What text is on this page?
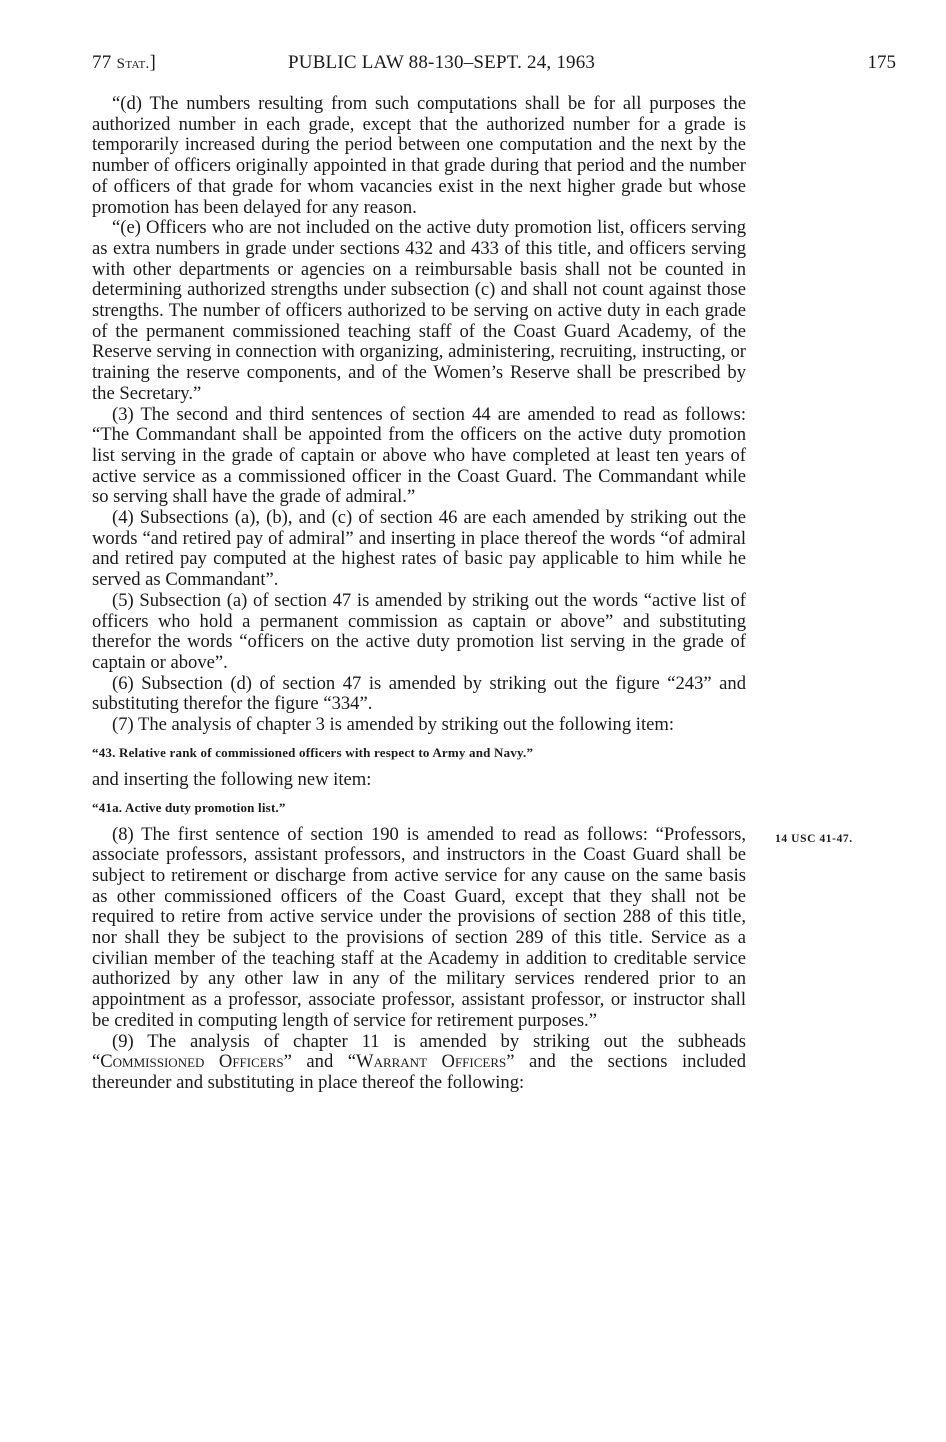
77 Stat.]	PUBLIC LAW 88-130–SEPT. 24, 1963	175

“(d) The numbers resulting from such computations shall be for all purposes the authorized number in each grade, except that the authorized number for a grade is temporarily increased during the period between one computation and the next by the number of officers originally appointed in that grade during that period and the number of officers of that grade for whom vacancies exist in the next higher grade but whose promotion has been delayed for any reason.

“(e) Officers who are not included on the active duty promotion list, officers serving as extra numbers in grade under sections 432 and 433 of this title, and officers serving with other departments or agencies on a reimbursable basis shall not be counted in determining authorized strengths under subsection (c) and shall not count against those strengths. The number of officers authorized to be serving on active duty in each grade of the permanent commissioned teaching staff of the Coast Guard Academy, of the Reserve serving in connection with organizing, administering, recruiting, instructing, or training the reserve components, and of the Women’s Reserve shall be prescribed by the Secretary.”

(3) The second and third sentences of section 44 are amended to read as follows: “The Commandant shall be appointed from the officers on the active duty promotion list serving in the grade of captain or above who have completed at least ten years of active service as a commissioned officer in the Coast Guard. The Commandant while so serving shall have the grade of admiral.”

(4) Subsections (a), (b), and (c) of section 46 are each amended by striking out the words “and retired pay of admiral” and inserting in place thereof the words “of admiral and retired pay computed at the highest rates of basic pay applicable to him while he served as Commandant”.

(5) Subsection (a) of section 47 is amended by striking out the words “active list of officers who hold a permanent commission as captain or above” and substituting therefor the words “officers on the active duty promotion list serving in the grade of captain or above”.

(6) Subsection (d) of section 47 is amended by striking out the figure “243” and substituting therefor the figure “334”.

(7) The analysis of chapter 3 is amended by striking out the following item:

“43. Relative rank of commissioned officers with respect to Army and Navy.”

and inserting the following new item:

“41a. Active duty promotion list.”

(8) The first sentence of section 190 is amended to read as follows: “Professors, associate professors, assistant professors, and instructors in the Coast Guard shall be subject to retirement or discharge from active service for any cause on the same basis as other commissioned officers of the Coast Guard, except that they shall not be required to retire from active service under the provisions of section 288 of this title, nor shall they be subject to the provisions of section 289 of this title. Service as a civilian member of the teaching staff at the Academy in addition to creditable service authorized by any other law in any of the military services rendered prior to an appointment as a professor, associate professor, assistant professor, or instructor shall be credited in computing length of service for retirement purposes.”

(9) The analysis of chapter 11 is amended by striking out the subheads “Commissioned Officers” and “Warrant Officers” and the sections included thereunder and substituting in place thereof the following:

14 USC 41-47.
